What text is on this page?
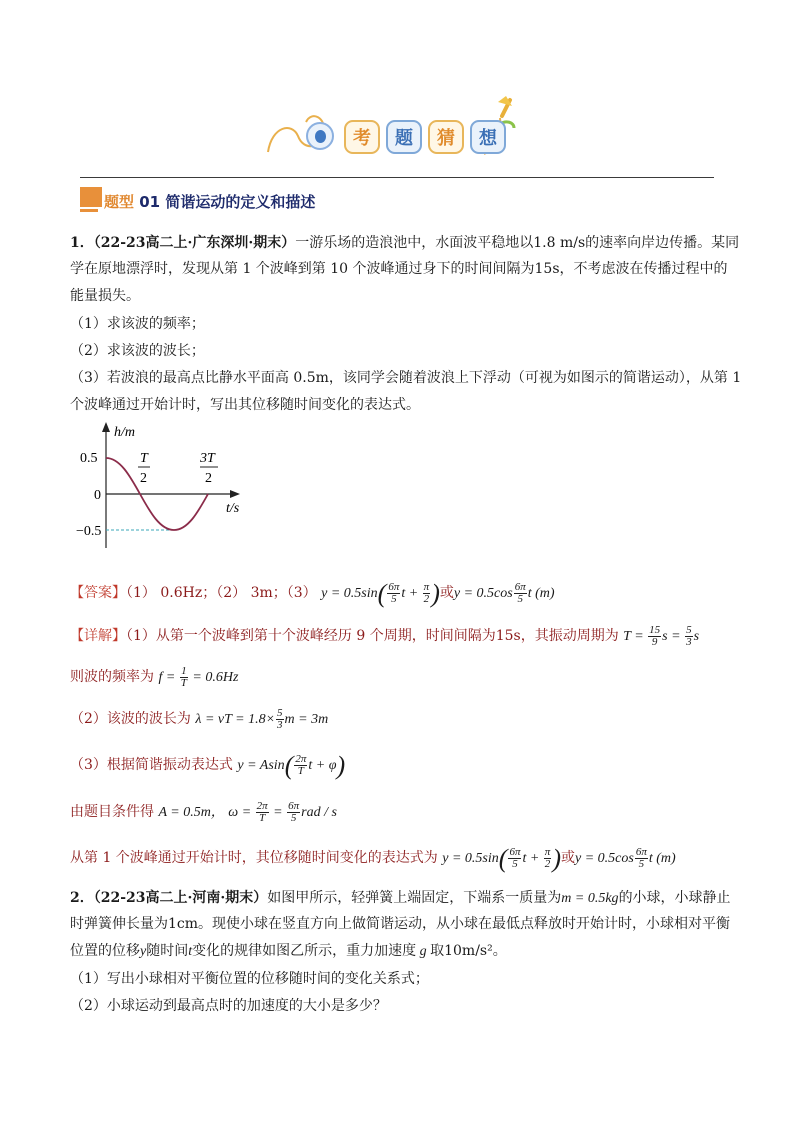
考	题	猜	想
题型 01 简谐运动的定义和描述
1．（22-23高二上·广东深圳·期末）一游乐场的造浪池中，水面波平稳地以1.8 m/s的速率向岸边传播。某同
学在原地漂浮时，发现从第 1 个波峰到第 10 个波峰通过身下的时间间隔为15s，不考虑波在传播过程中的
能量损失。
（1）求该波的频率；
（2）求该波的波长；
（3）若波浪的最高点比静水平面高 0.5m，该同学会随着波浪上下浮动（可视为如图示的简谐运动），从第 1
个波峰通过开始计时，写出其位移随时间变化的表达式。
h/m
0.5
0
−0.5
t/s
T
2
3T
2
【答案】（1） 0.6Hz；（2） 3m；（3） $y = 0.5\sin( \frac{6\pi}{5}$ $t + \frac{\pi}{2}$ )或$y = 0.5\cos \frac{6\pi}{5}$ t (m)
【详解】（1）从第一个波峰到第十个波峰经历 9 个周期，时间间隔为15s，其振动周期为 $T = \frac{15}{9}$ $s = \frac{5}{3}$ s
则波的频率为 $f = \frac{1}{T} = 0.6Hz$
（2）该波的波长为 λ = vT = $1.8\times \frac{5}{3}$ m = 3m
（3）根据简谐振动表达式 $y = Asin( \frac{2\pi}{T}$ t + φ)
由题目条件得 A = 0.5m， $\omega = \frac{2\pi}{T} = \frac{6\pi}{5}$ rad / s
从第 1 个波峰通过开始计时，其位移随时间变化的表达式为 $y = 0.5\sin( \frac{6\pi}{5}$ $t + \frac{\pi}{2}$ )或$y = 0.5\cos \frac{6\pi}{5}$ t (m)
2．（22-23高二上·河南·期末）如图甲所示，轻弹簧上端固定，下端系一质量为m = 0.5kg的小球，小球静止
时弹簧伸长量为1cm。现使小球在竖直方向上做简谐运动，从小球在最低点释放时开始计时，小球相对平衡
位置的位移y随时间t变化的规律如图乙所示，重力加速度 g 取10m/s²。
（1）写出小球相对平衡位置的位移随时间的变化关系式；
（2）小球运动到最高点时的加速度的大小是多少？
